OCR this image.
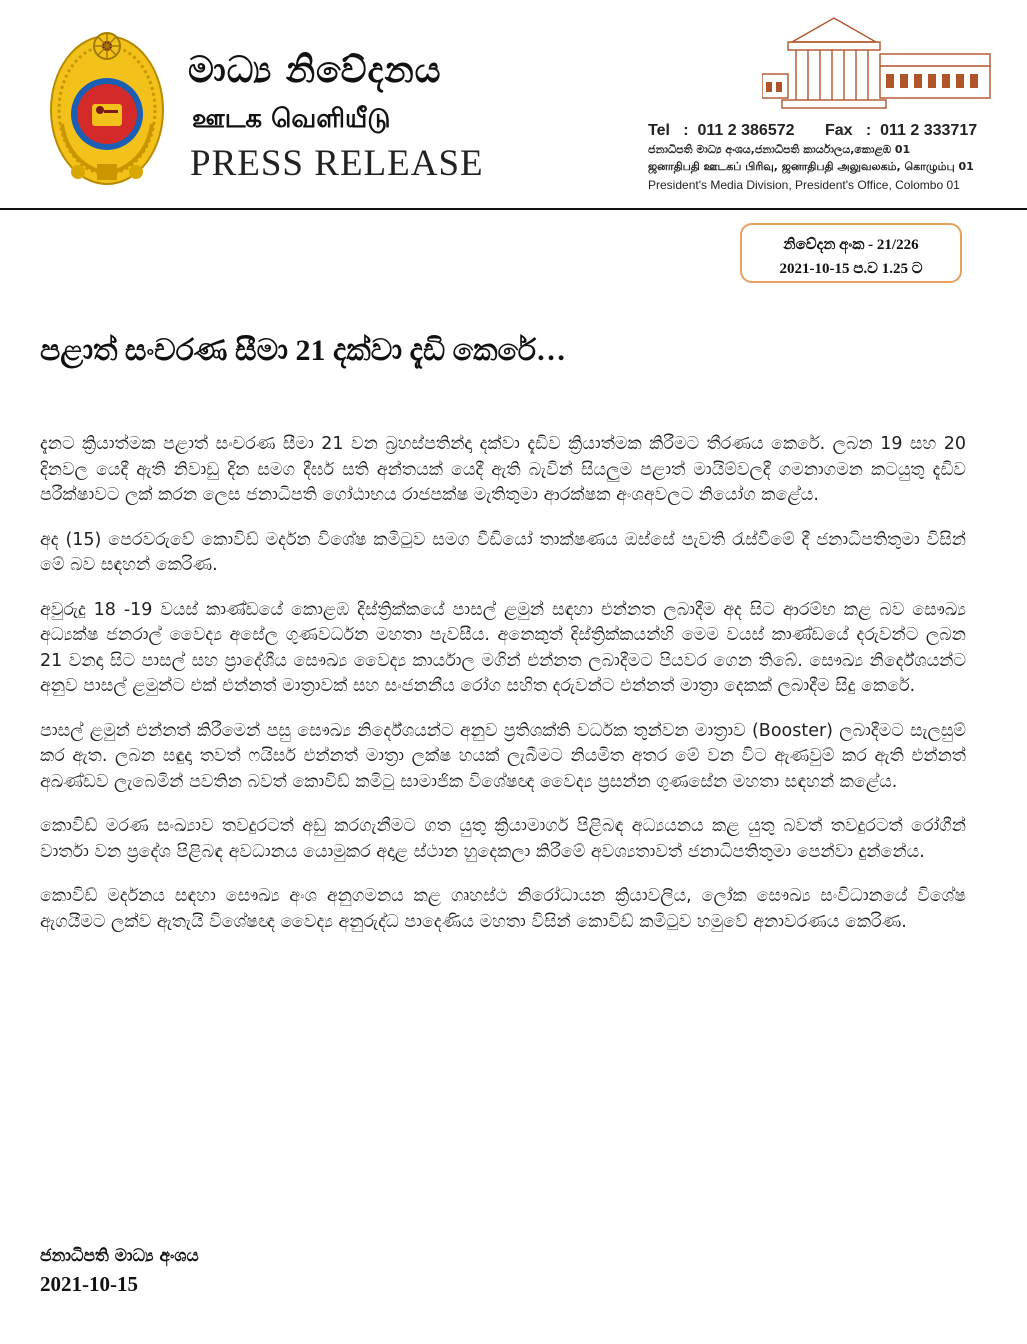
මාධ්‍ය නිවේදනය
ஊடக வெளியீடு
PRESS RELEASE
Tel   :  011 2 386572 Fax   :  011 2 333717
ජනාධිපති මාධ්‍ය අංශය,ජනාධිපති කාර්යාලය,කොළඹ 01
ஜனாதிபதி ஊடகப் பிரிவு, ஜனாதிபதி அலுவலகம், கொழும்பு 01
President's Media Division, President's Office, Colombo 01
නිවේදන අංක - 21/226
2021-10-15 ප.ව 1.25 ට
පළාත් සංචරණ සීමා 21 දක්වා දැඩි කෙරේ…

දැනට ක්‍රියාත්මක පළාත් සංචරණ සීමා 21 වන බ්‍රහස්පතින්දා දක්වා දැඩිව ක්‍රියාත්මක කිරීමට තීරණය කෙරේ. ලබන 19 සහ 20 දිනවල යෙදී ඇති නිවාඩු දින සමග දීර්ඝ සති අන්තයක් යෙදී ඇති බැවින් සියලුම පළාත් මායිම්වලදී ගමනාගමන කටයුතු දැඩිව පරීක්ෂාවට ලක් කරන ලෙස ජනාධිපති ගෝඨාභය රාජපක්ෂ මැතිතුමා ආරක්ෂක අංශඅවලට නියෝග කළේය.

අද (15) පෙරවරුවේ කොවිඩ් මර්දන විශේෂ කමිටුව සමග වීඩියෝ තාක්ෂණය ඔස්සේ පැවති රැස්වීමේ දී ජනාධිපතිතුමා විසින් මේ බව සඳහන් කෙරිණ.

අවුරුදු 18 -19 වයස් කාණ්ඩයේ කොළඹ දිස්ත්‍රික්කයේ පාසල් ළමුන් සඳහා එන්නත ලබාදීම අද සිට ආරම්භ කළ බව සෞඛ්‍ය අධ්‍යක්ෂ ජනරාල් වෛද්‍ය අසේල ගුණවර්ධන මහතා පැවසීය. අනෙකුත් දිස්ත්‍රික්කයන්හි මෙම වයස් කාණ්ඩයේ දරුවන්ට ලබන 21 වනදා සිට පාසල් සහ ප්‍රාදේශීය සෞඛ්‍ය වෛද්‍ය කාර්යාල මගින් එන්නත ලබාදීමට පියවර ගෙන තිබේ. සෞඛ්‍ය නිර්දේශයන්ට අනුව පාසල් ළමුන්ට එක් එන්නත් මාත්‍රාවක් සහ සංජනනීය රෝග සහිත දරුවන්ට එන්නත් මාත්‍රා දෙකක් ලබාදීම සිදු කෙරේ.

පාසල් ළමුන් එන්නත් කිරීමෙන් පසු සෞඛ්‍ය නිර්දේශයන්ට අනුව ප්‍රතිශක්ති වර්ධක තුන්වන මාත්‍රාව (Booster) ලබාදීමට සැලසුම් කර ඇත. ලබන සඳුදා තවත් ෆයිසර් එන්නත් මාත්‍රා ලක්ෂ හයක් ලැබීමට නියමිත අතර මේ වන විට ඇණවුම් කර ඇති එන්නත් අඛණ්ඩව ලැබෙමින් පවතින බවත් කොවිඩ් කමිටු සාමාජික විශේෂඥ වෛද්‍ය ප්‍රසන්න ගුණසේන මහතා සඳහන් කළේය.

කොවිඩ් මරණ සංඛ්‍යාව තවදුරටත් අඩු කරගැනීමට ගත යුතු ක්‍රියාමාර්ග පිළිබඳ අධ්‍යයනය කළ යුතු බවත් තවදුරටත් රෝගීන් වාර්තා වන ප්‍රදේශ පිළිබඳ අවධානය යොමුකර අදාළ ස්ථාන හුදෙකලා කිරීමේ අවශ්‍යතාවත් ජනාධිපතිතුමා පෙන්වා දුන්නේය.

කොවිඩ් මර්දනය සඳහා සෞඛ්‍ය අංශ අනුගමනය කළ ගෘහස්ථ නිරෝධායන ක්‍රියාවලිය, ලෝක සෞඛ්‍ය සංවිධානයේ විශේෂ ඇගයීමට ලක්ව ඇතැයි විශේෂඥ වෛද්‍ය අනුරුද්ධ පාදෙණිය මහතා විසින් කොවිඩ් කමිටුව හමුවේ අනාවරණය කෙරිණ.

ජනාධිපති මාධ්‍ය අංශය
2021-10-15
